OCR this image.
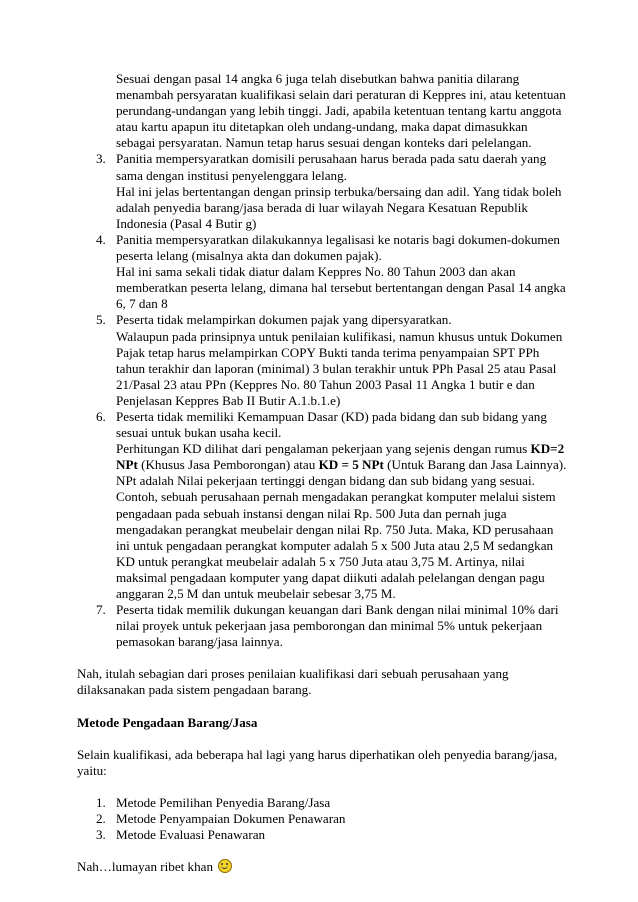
Sesuai dengan pasal 14 angka 6 juga telah disebutkan bahwa panitia dilarang menambah persyaratan kualifikasi selain dari peraturan di Keppres ini, atau ketentuan perundang-undangan yang lebih tinggi. Jadi, apabila ketentuan tentang kartu anggota atau kartu apapun itu ditetapkan oleh undang-undang, maka dapat dimasukkan sebagai persyaratan. Namun tetap harus sesuai dengan konteks dari pelelangan.

3. Panitia mempersyaratkan domisili perusahaan harus berada pada satu daerah yang sama dengan institusi penyelenggara lelang.
Hal ini jelas bertentangan dengan prinsip terbuka/bersaing dan adil. Yang tidak boleh adalah penyedia barang/jasa berada di luar wilayah Negara Kesatuan Republik Indonesia (Pasal 4 Butir g)
4. Panitia mempersyaratkan dilakukannya legalisasi ke notaris bagi dokumen-dokumen peserta lelang (misalnya akta dan dokumen pajak).
Hal ini sama sekali tidak diatur dalam Keppres No. 80 Tahun 2003 dan akan memberatkan peserta lelang, dimana hal tersebut bertentangan dengan Pasal 14 angka 6, 7 dan 8
5. Peserta tidak melampirkan dokumen pajak yang dipersyaratkan.
Walaupun pada prinsipnya untuk penilaian kulifikasi, namun khusus untuk Dokumen Pajak tetap harus melampirkan COPY Bukti tanda terima penyampaian SPT PPh tahun terakhir dan laporan (minimal) 3 bulan terakhir untuk PPh Pasal 25 atau Pasal 21/Pasal 23 atau PPn (Keppres No. 80 Tahun 2003 Pasal 11 Angka 1 butir e dan Penjelasan Keppres Bab II Butir A.1.b.1.e)
6. Peserta tidak memiliki Kemampuan Dasar (KD) pada bidang dan sub bidang yang sesuai untuk bukan usaha kecil.
Perhitungan KD dilihat dari pengalaman pekerjaan yang sejenis dengan rumus KD=2 NPt (Khusus Jasa Pemborongan) atau KD = 5 NPt (Untuk Barang dan Jasa Lainnya). NPt adalah Nilai pekerjaan tertinggi dengan bidang dan sub bidang yang sesuai.
Contoh, sebuah perusahaan pernah mengadakan perangkat komputer melalui sistem pengadaan pada sebuah instansi dengan nilai Rp. 500 Juta dan pernah juga mengadakan perangkat meubelair dengan nilai Rp. 750 Juta. Maka, KD perusahaan ini untuk pengadaan perangkat komputer adalah 5 x 500 Juta atau 2,5 M sedangkan KD untuk perangkat meubelair adalah 5 x 750 Juta atau 3,75 M. Artinya, nilai maksimal pengadaan komputer yang dapat diikuti adalah pelelangan dengan pagu anggaran 2,5 M dan untuk meubelair sebesar 3,75 M.
7. Peserta tidak memilik dukungan keuangan dari Bank dengan nilai minimal 10% dari nilai proyek untuk pekerjaan jasa pemborongan dan minimal 5% untuk pekerjaan pemasokan barang/jasa lainnya.

Nah, itulah sebagian dari proses penilaian kualifikasi dari sebuah perusahaan yang dilaksanakan pada sistem pengadaan barang.

Metode Pengadaan Barang/Jasa

Selain kualifikasi, ada beberapa hal lagi yang harus diperhatikan oleh penyedia barang/jasa, yaitu:

1. Metode Pemilihan Penyedia Barang/Jasa
2. Metode Penyampaian Dokumen Penawaran
3. Metode Evaluasi Penawaran

Nah…lumayan ribet khan
